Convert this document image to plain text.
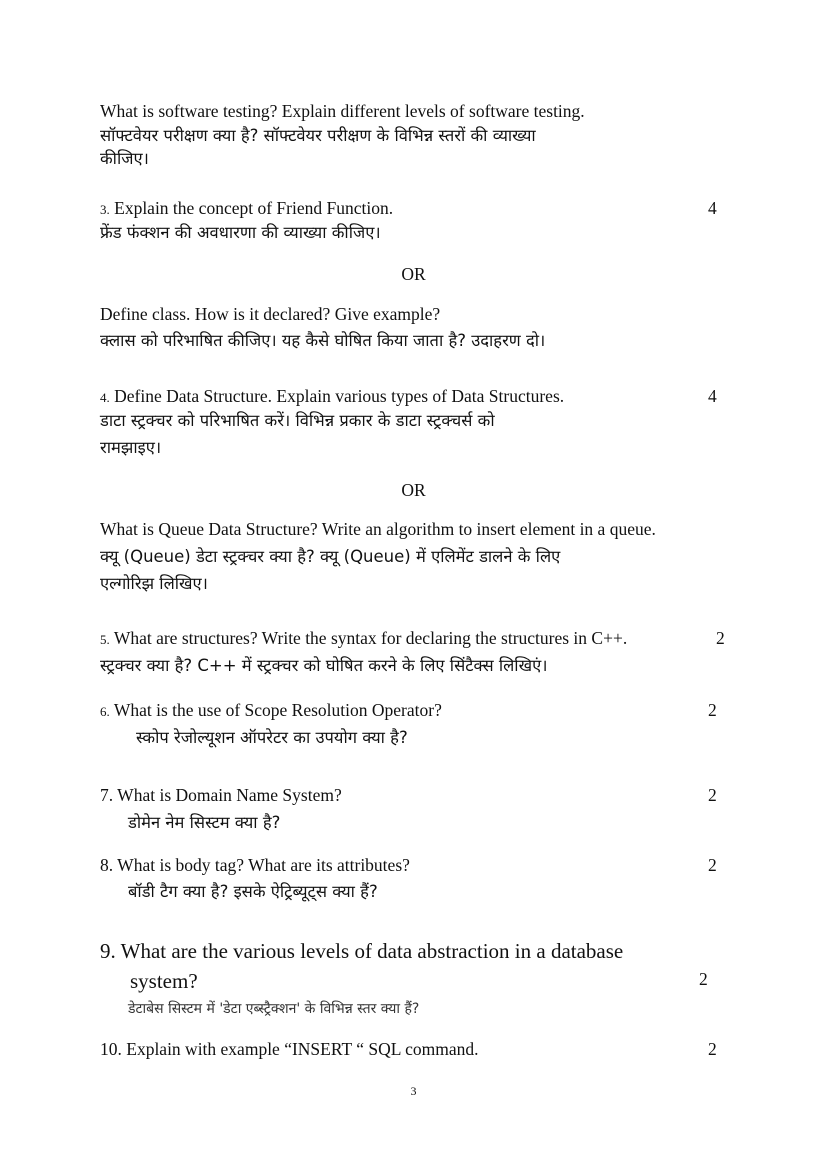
What is software testing? Explain different levels of software testing.
सॉफ्टवेयर परीक्षण क्या है? सॉफ्टवेयर परीक्षण के विभिन्न स्तरों की व्याख्या
कीजिए।
3. Explain the concept of Friend Function.	4
फ्रेंड फंक्शन की अवधारणा की व्याख्या कीजिए।
OR
Define class. How is it declared? Give example?
क्लास को परिभाषित कीजिए। यह कैसे घोषित किया जाता है? उदाहरण दो।
4. Define Data Structure. Explain various types of Data Structures.	4
डाटा स्ट्रक्चर को परिभाषित करें। विभिन्न प्रकार के डाटा स्ट्रक्चर्स को
रामझाइए।
OR
What is Queue Data Structure? Write an algorithm to insert element in a queue.
क्यू (Queue) डेटा स्ट्रक्चर क्या है? क्यू (Queue) में एलिमेंट डालने के लिए
एल्गोरिझ लिखिए।
5. What are structures? Write the syntax for declaring the structures in C++.	2
स्ट्रक्चर क्या है? C++ में स्ट्रक्चर को घोषित करने के लिए सिंटैक्स लिखिएं।
6. What is the use of Scope Resolution Operator?	2
स्कोप रेजोल्यूशन ऑपरेटर का उपयोग क्या है?
7. What is Domain Name System?	2
डोमेन नेम सिस्टम क्या है?
8. What is body tag? What are its attributes?	2
बॉडी टैग क्या है? इसके ऐट्रिब्यूट्स क्या हैं?
9. What are the various levels of data abstraction in a database
system?	2
डेटाबेस सिस्टम में 'डेटा एब्स्ट्रैक्शन' के विभिन्न स्तर क्या हैं?
10. Explain with example “INSERT “ SQL command.	2
3
